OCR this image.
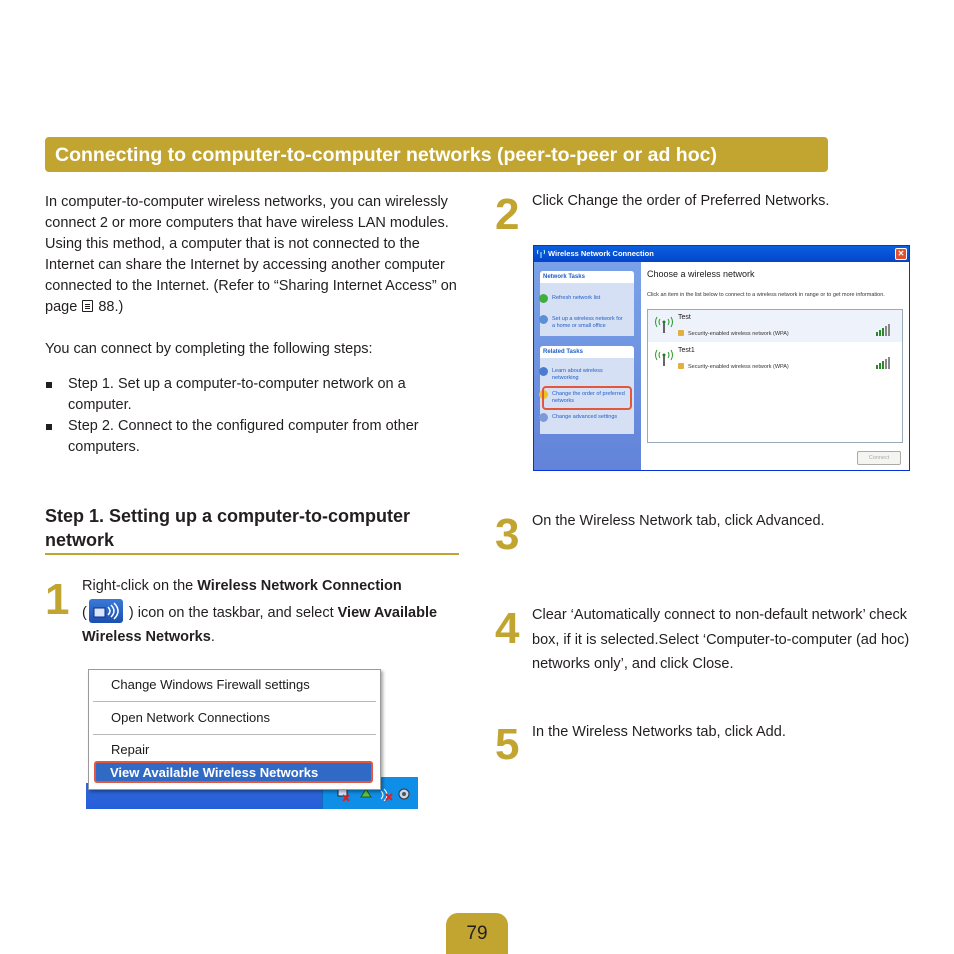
Connecting to computer-to-computer networks (peer-to-peer or ad hoc)
In computer-to-computer wireless networks, you can wirelessly connect 2 or more computers that have wireless LAN modules. Using this method, a computer that is not connected to the Internet can share the Internet by accessing another computer connected to the Internet. (Refer to “Sharing Internet Access” on page 88.)
You can connect by completing the following steps:
Step 1. Set up a computer-to-computer network on a computer.
Step 2. Connect to the configured computer from other computers.
Step 1. Setting up a computer-to-computer network
1 Right-click on the Wireless Network Connection
(	) icon on the taskbar, and select View Available Wireless Networks.
Change Windows Firewall settings
Open Network Connections
Repair
View Available Wireless Networks
2 Click Change the order of Preferred Networks.
Wireless Network Connection	✕
Network Tasks
Refresh network list
Set up a wireless network for a home or small office
Related Tasks
Learn about wireless networking
Change the order of preferred networks
Change advanced settings
Choose a wireless network
Click an item in the list below to connect to a wireless network in range or to get more information.
Test
Security-enabled wireless network (WPA)
Test1
Security-enabled wireless network (WPA)
Connect
3 On the Wireless Network tab, click Advanced.
4 Clear ‘Automatically connect to non-default network’ check box, if it is selected.Select ‘Computer-to-computer (ad hoc) networks only’, and click Close.
5 In the Wireless Networks tab, click Add.
79
